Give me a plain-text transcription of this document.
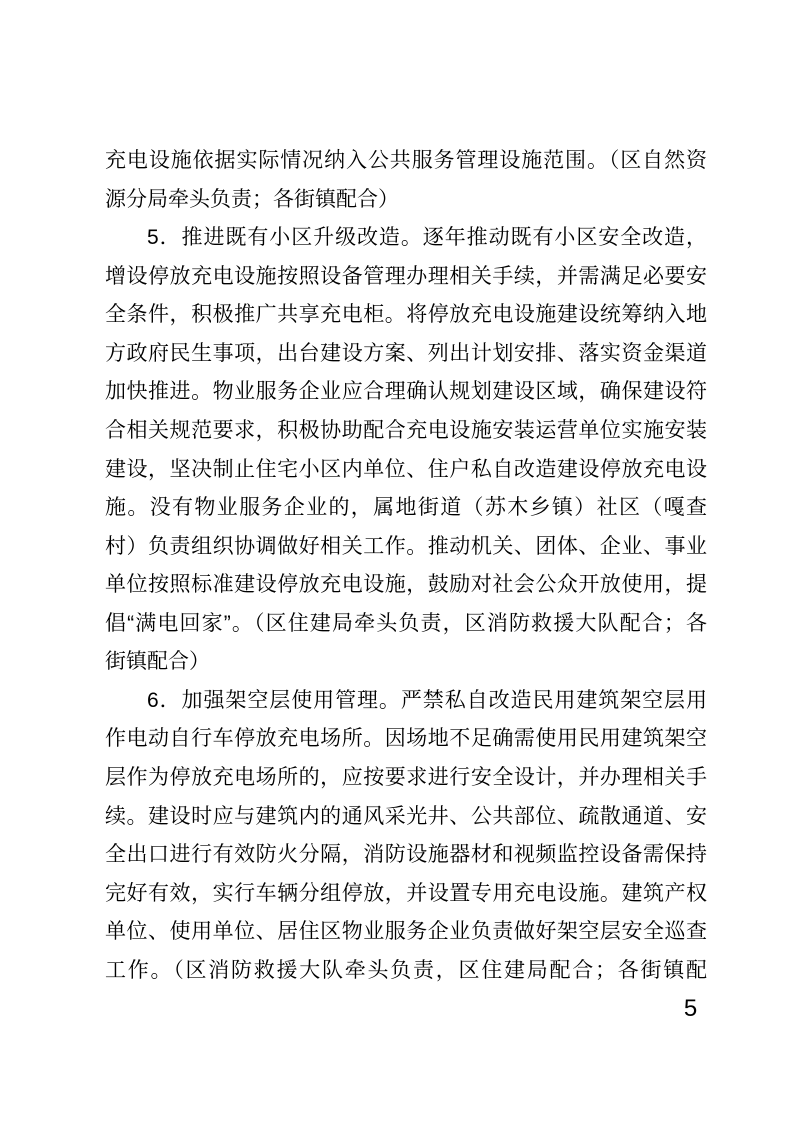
充电设施依据实际情况纳入公共服务管理设施范围。（区自然资
源分局牵头负责；各街镇配合）
5．推进既有小区升级改造。逐年推动既有小区安全改造，
增设停放充电设施按照设备管理办理相关手续，并需满足必要安
全条件，积极推广共享充电柜。将停放充电设施建设统筹纳入地
方政府民生事项，出台建设方案、列出计划安排、落实资金渠道
加快推进。物业服务企业应合理确认规划建设区域，确保建设符
合相关规范要求，积极协助配合充电设施安装运营单位实施安装
建设，坚决制止住宅小区内单位、住户私自改造建设停放充电设
施。没有物业服务企业的，属地街道（苏木乡镇）社区（嘎查
村）负责组织协调做好相关工作。推动机关、团体、企业、事业
单位按照标准建设停放充电设施，鼓励对社会公众开放使用，提
倡“满电回家”。（区住建局牵头负责，区消防救援大队配合；各
街镇配合）
6．加强架空层使用管理。严禁私自改造民用建筑架空层用
作电动自行车停放充电场所。因场地不足确需使用民用建筑架空
层作为停放充电场所的，应按要求进行安全设计，并办理相关手
续。建设时应与建筑内的通风采光井、公共部位、疏散通道、安
全出口进行有效防火分隔，消防设施器材和视频监控设备需保持
完好有效，实行车辆分组停放，并设置专用充电设施。建筑产权
单位、使用单位、居住区物业服务企业负责做好架空层安全巡查
工作。（区消防救援大队牵头负责，区住建局配合；各街镇配
5
